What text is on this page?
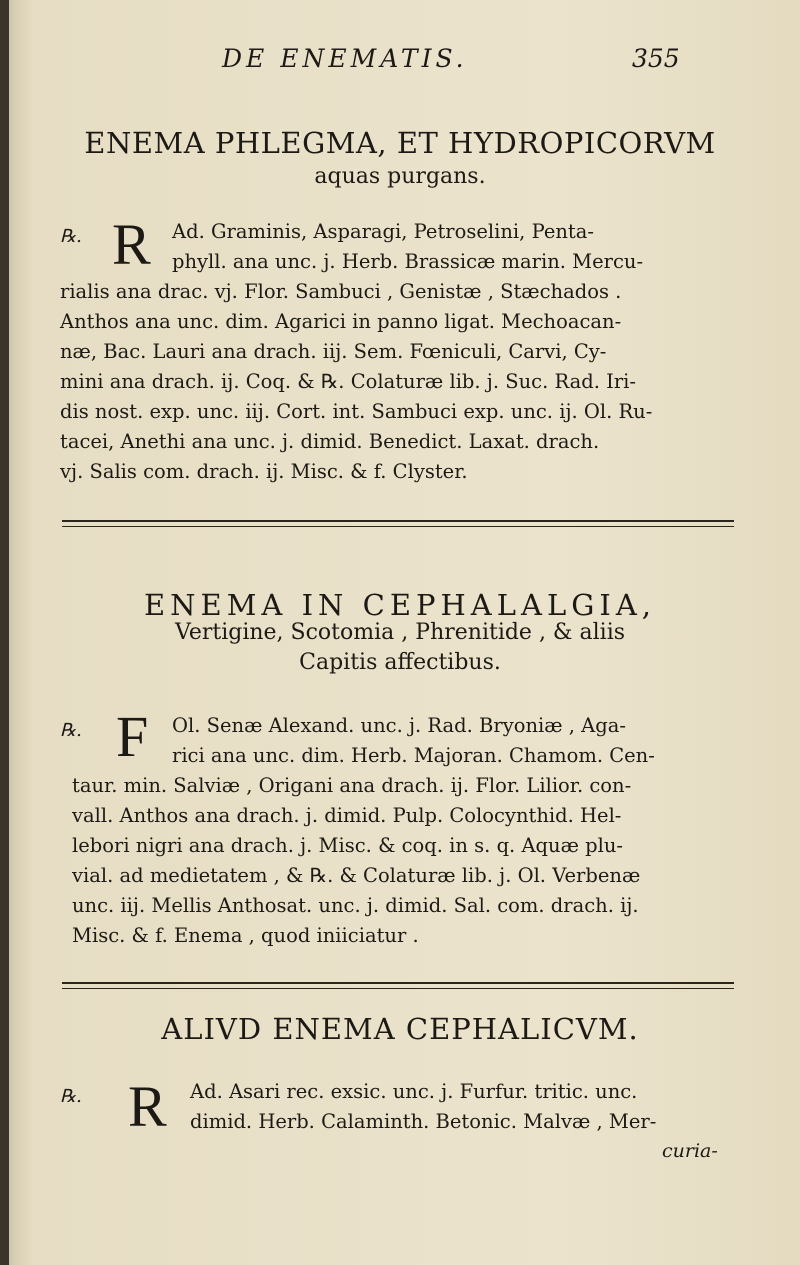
DE ENEMATIS.	355
ENEMA PHLEGMA, ET HYDROPICORVM
aquas purgans.
℞. R Ad. Graminis, Asparagi, Petroselini, Penta-
phyll. ana unc. j. Herb. Brassicæ marin. Mercu-
rialis ana drac. vj. Flor. Sambuci , Genistæ , Stæchados .
Anthos ana unc. dim. Agarici in panno ligat. Mechoacan-
næ, Bac. Lauri ana drach. iij. Sem. Fœniculi, Carvi, Cy-
mini ana drach. ij. Coq. & ℞. Colaturæ lib. j. Suc. Rad. Iri-
dis nost. exp. unc. iij. Cort. int. Sambuci exp. unc. ij. Ol. Ru-
tacei, Anethi ana unc. j. dimid. Benedict. Laxat. drach.
vj. Salis com. drach. ij. Misc. & f. Clyster.
ENEMA IN CEPHALALGIA,
Vertigine, Scotomia , Phrenitide , & aliis
Capitis affectibus.
℞. F Ol. Senæ Alexand. unc. j. Rad. Bryoniæ , Aga-
rici ana unc. dim. Herb. Majoran. Chamom. Cen-
taur. min. Salviæ , Origani ana drach. ij. Flor. Lilior. con-
vall. Anthos ana drach. j. dimid. Pulp. Colocynthid. Hel-
lebori nigri ana drach. j. Misc. & coq. in s. q. Aquæ plu-
vial. ad medietatem , & ℞. & Colaturæ lib. j. Ol. Verbenæ
unc. iij. Mellis Anthosat. unc. j. dimid. Sal. com. drach. ij.
Misc. & f. Enema , quod iniiciatur .
ALIVD ENEMA CEPHALICVM.
℞. R Ad. Asari rec. exsic. unc. j. Furfur. tritic. unc.
dimid. Herb. Calaminth. Betonic. Malvæ , Mer-
curia-
